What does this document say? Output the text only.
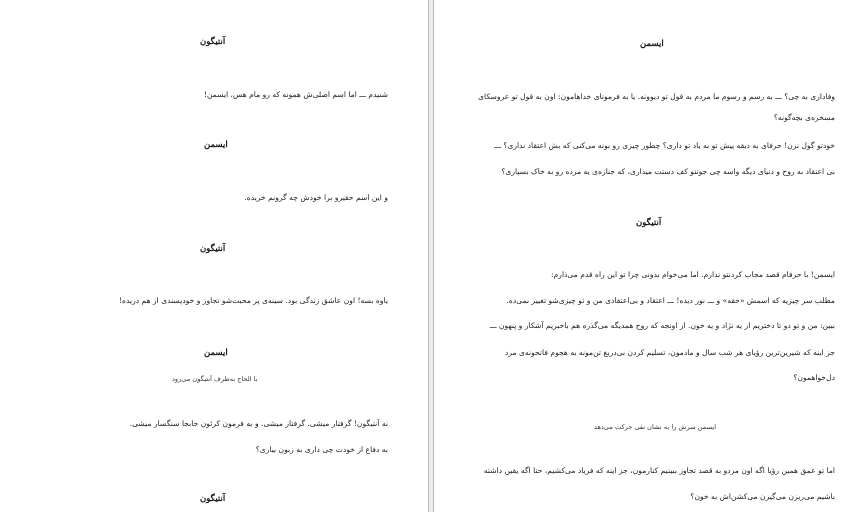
آنتیگون
شنیدم ـــ اما اسم اصلی‌ش همونه که رو مام هس، ایسمن!
ایسمن
و این اسم حقیرو برا خودش چه گرونم خریده.
آنتیگون
یاوه بسه! اون عاشق زندگی بود. سینه‌ی پر محبت‌شو تجاوز و خودپسندی از هم دریده!
ایسمن
با الحاح به‌طرف آنتیگون می‌رود
نه آنتیگون! گرفتار میشی. گرفتار میشی. و به فرمون کرئون جابجا سنگسار میشی.
به دفاع از خودت چی داری به زبون بیاری؟
آنتیگون
ایسمن
وفاداری به چی؟ ـــ به رسم و رسوم ما مردم به قول تو دیوونه. یا به فرمونای خداهامون: اون به قول تو عروسکای
مسخره‌ی بچه‌گونه؟
خودتو گول نزن! حرفای به دیقه پیش تو به یاد تو داری؟ چطور چیزی رو بونه می‌کنی که بش اعتقاد نداری؟ ـــ
بی اعتقاد به روح و دنیای دیگه واسه چی جونتو کف دستت میذاری، که جنازه‌ی یه مرده رو به خاک بسپاری؟
آنتیگون
ایسمن! با حرفام قصد مجاب کردنتو ندارم. اما می‌خوام بدونی چرا تو این راه قدم می‌ذارم:
مطلب سر چیزیه که اسمش «حقه» و ـــ نور دیده! ـــ اعتقاد و بی‌اعتقادی من و تو چیزی‌شو تغییر نمی‌ده.
ببین: من و تو دو تا دختریم از یه نژاد و یه خون. از اونجه که روح همدیگه می‌گذره هم باخبریم آشکار و پنهون ـــ
جز اینه که شیرین‌ترین رؤیای هر شب سال و مادمون، تسلیم کردن بی‌دریغ تن‌مونه به هجوم فاتحونه‌ی مرد
دل‌خواهمون؟
ایسمن سرش را به نشان نفی حرکت می‌دهد
اما تو عمق همین رؤیا اگه اون مردو به قصد تجاوز ببینیم کنارمون، جز اینه که فریاد می‌کشیم، حتا اگه یقین داشته
باشیم می‌ریزن می‌گیرن می‌کشن‌اش به خون؟
